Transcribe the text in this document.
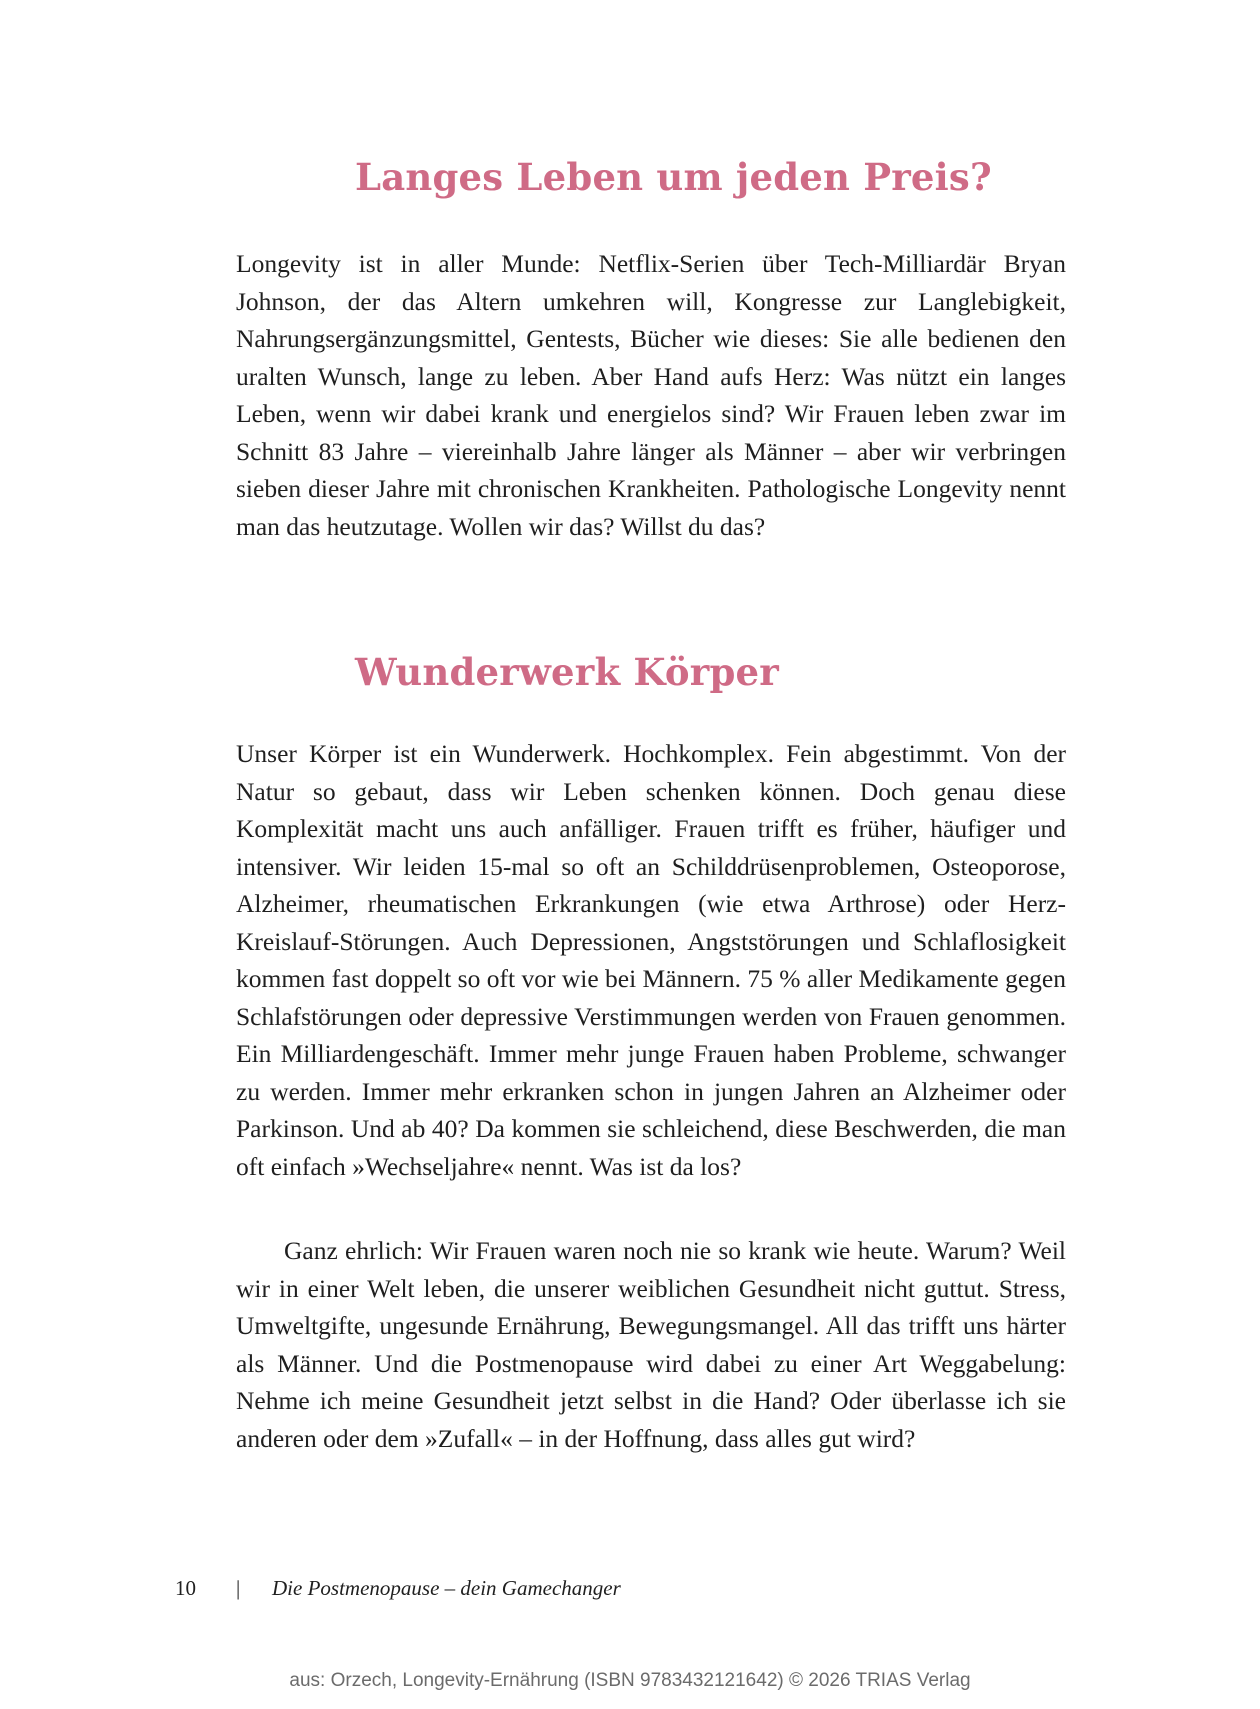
Langes Leben um jeden Preis?

Longevity ist in aller Munde: Netflix-Serien über Tech-Milliardär Bryan Johnson, der das Altern umkehren will, Kongresse zur Langlebigkeit, Nahrungsergänzungsmittel, Gentests, Bücher wie dieses: Sie alle bedienen den uralten Wunsch, lange zu leben. Aber Hand aufs Herz: Was nützt ein langes Leben, wenn wir dabei krank und energielos sind? Wir Frauen leben zwar im Schnitt 83 Jahre – viereinhalb Jahre länger als Männer – aber wir verbringen sieben dieser Jahre mit chronischen Krankheiten. Pathologische Longevity nennt man das heutzutage. Wollen wir das? Willst du das?

Wunderwerk Körper

Unser Körper ist ein Wunderwerk. Hochkomplex. Fein abgestimmt. Von der Natur so gebaut, dass wir Leben schenken können. Doch genau diese Komplexität macht uns auch anfälliger. Frauen trifft es früher, häufiger und intensiver. Wir leiden 15-mal so oft an Schilddrüsenproblemen, Osteoporose, Alzheimer, rheumatischen Erkrankungen (wie etwa Arthrose) oder Herz-Kreislauf-Störungen. Auch Depressionen, Angststörungen und Schlaflosigkeit kommen fast doppelt so oft vor wie bei Männern. 75 % aller Medikamente gegen Schlafstörungen oder depressive Verstimmungen werden von Frauen genommen. Ein Milliardengeschäft. Immer mehr junge Frauen haben Probleme, schwanger zu werden. Immer mehr erkranken schon in jungen Jahren an Alzheimer oder Parkinson. Und ab 40? Da kommen sie schleichend, diese Beschwerden, die man oft einfach »Wechseljahre« nennt. Was ist da los?

Ganz ehrlich: Wir Frauen waren noch nie so krank wie heute. Warum? Weil wir in einer Welt leben, die unserer weiblichen Gesundheit nicht guttut. Stress, Umweltgifte, ungesunde Ernährung, Bewegungsmangel. All das trifft uns härter als Männer. Und die Postmenopause wird dabei zu einer Art Weggabelung: Nehme ich meine Gesundheit jetzt selbst in die Hand? Oder überlasse ich sie anderen oder dem »Zufall« – in der Hoffnung, dass alles gut wird?

10 | Die Postmenopause – dein Gamechanger
aus: Orzech, Longevity-Ernährung (ISBN 9783432121642) © 2026 TRIAS Verlag
